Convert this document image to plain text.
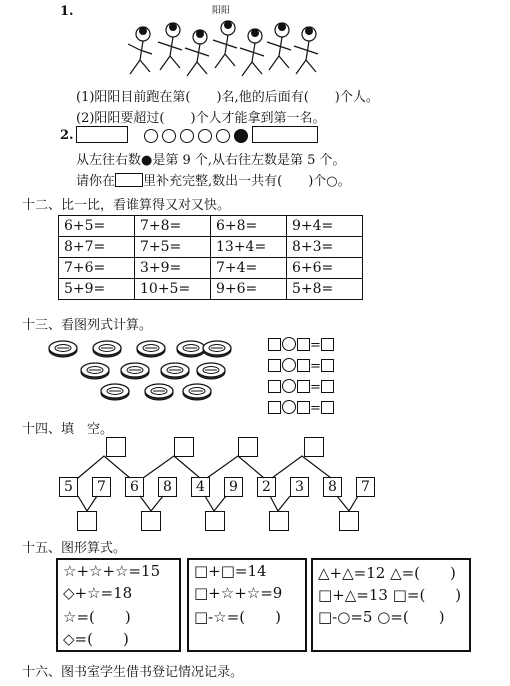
1.	阳阳
(1)阳阳目前跑在第(　　)名,他的后面有(　　)个人。
(2)阳阳要超过(　　)个人才能拿到第一名。
2.
从左往右数●是第 9 个,从右往左数是第 5 个。
请你在 里补充完整,数出一共有(　　)个○。
十二、比一比，看谁算得又对又快。
6+5=	7+8=	6+8=	9+4=
8+7=	7+5=	13+4=	8+3=
7+6=	3+9=	7+4=	6+6=
5+9=	10+5=	9+6=	5+8=
十三、看图列式计算。
=
=
=
=
十四、填　空。
5	7	6	8	4	9	2	3	8	7
十五、图形算式。
☆+☆+☆=15
◇+☆=18
☆=(　　)
◇=(　　)
□+□=14
□+☆+☆=9
□-☆=(　　)
△+△=12 △=(　　)
□+△=13 □=(　　)
□-○=5 ○=(　　)
十六、图书室学生借书登记情况记录。
